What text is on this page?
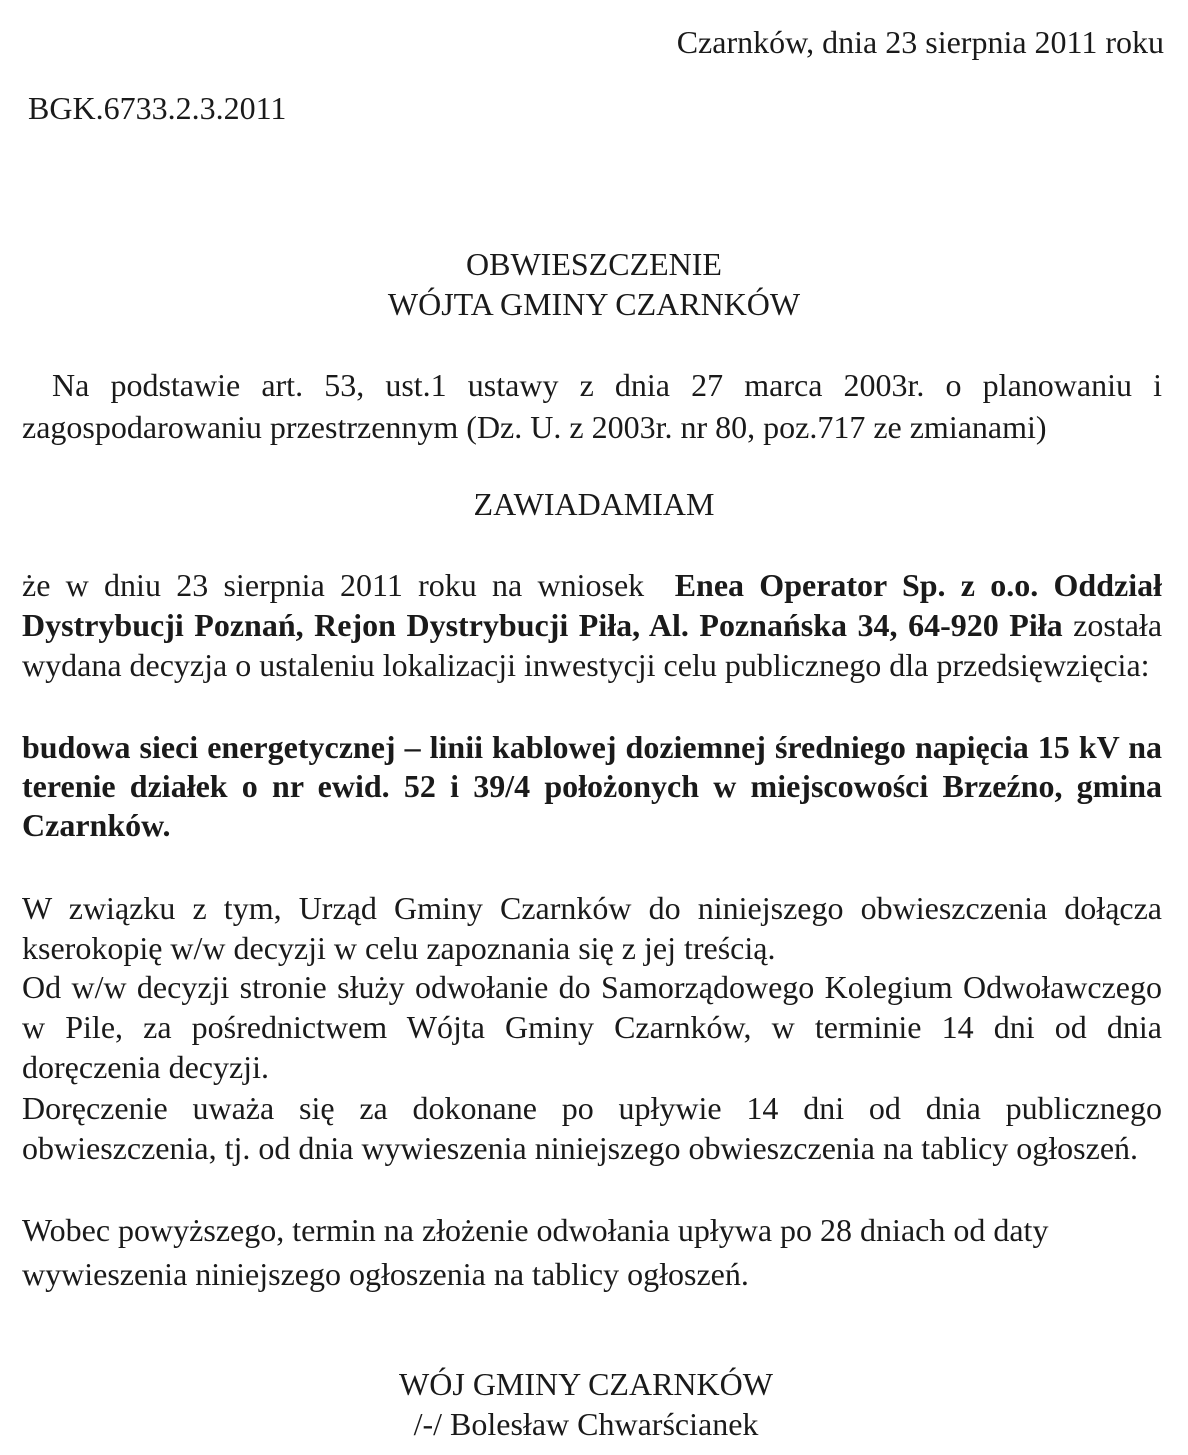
Czarnków, dnia 23 sierpnia 2011 roku
BGK.6733.2.3.2011
OBWIESZCZENIE
WÓJTA GMINY CZARNKÓW
Na podstawie art. 53, ust.1 ustawy z dnia 27 marca 2003r. o planowaniu i zagospodarowaniu przestrzennym (Dz. U. z 2003r. nr 80, poz.717 ze zmianami)
ZAWIADAMIAM
że w dniu 23 sierpnia 2011 roku na wniosek Enea Operator Sp. z o.o. Oddział Dystrybucji Poznań, Rejon Dystrybucji Piła, Al. Poznańska 34, 64-920 Piła została wydana decyzja o ustaleniu lokalizacji inwestycji celu publicznego dla przedsięwzięcia:
budowa sieci energetycznej – linii kablowej doziemnej średniego napięcia 15 kV na terenie działek o nr ewid. 52 i 39/4 położonych w miejscowości Brzeźno, gmina Czarnków.
W związku z tym, Urząd Gminy Czarnków do niniejszego obwieszczenia dołącza kserokopię w/w decyzji w celu zapoznania się z jej treścią.
Od w/w decyzji stronie służy odwołanie do Samorządowego Kolegium Odwoławczego w Pile, za pośrednictwem Wójta Gminy Czarnków, w terminie 14 dni od dnia doręczenia decyzji.
Doręczenie uważa się za dokonane po upływie 14 dni od dnia publicznego obwieszczenia, tj. od dnia wywieszenia niniejszego obwieszczenia na tablicy ogłoszeń.
Wobec powyższego, termin na złożenie odwołania upływa po 28 dniach od daty
wywieszenia niniejszego ogłoszenia na tablicy ogłoszeń.
WÓJ GMINY CZARNKÓW
/-/ Bolesław Chwarścianek
